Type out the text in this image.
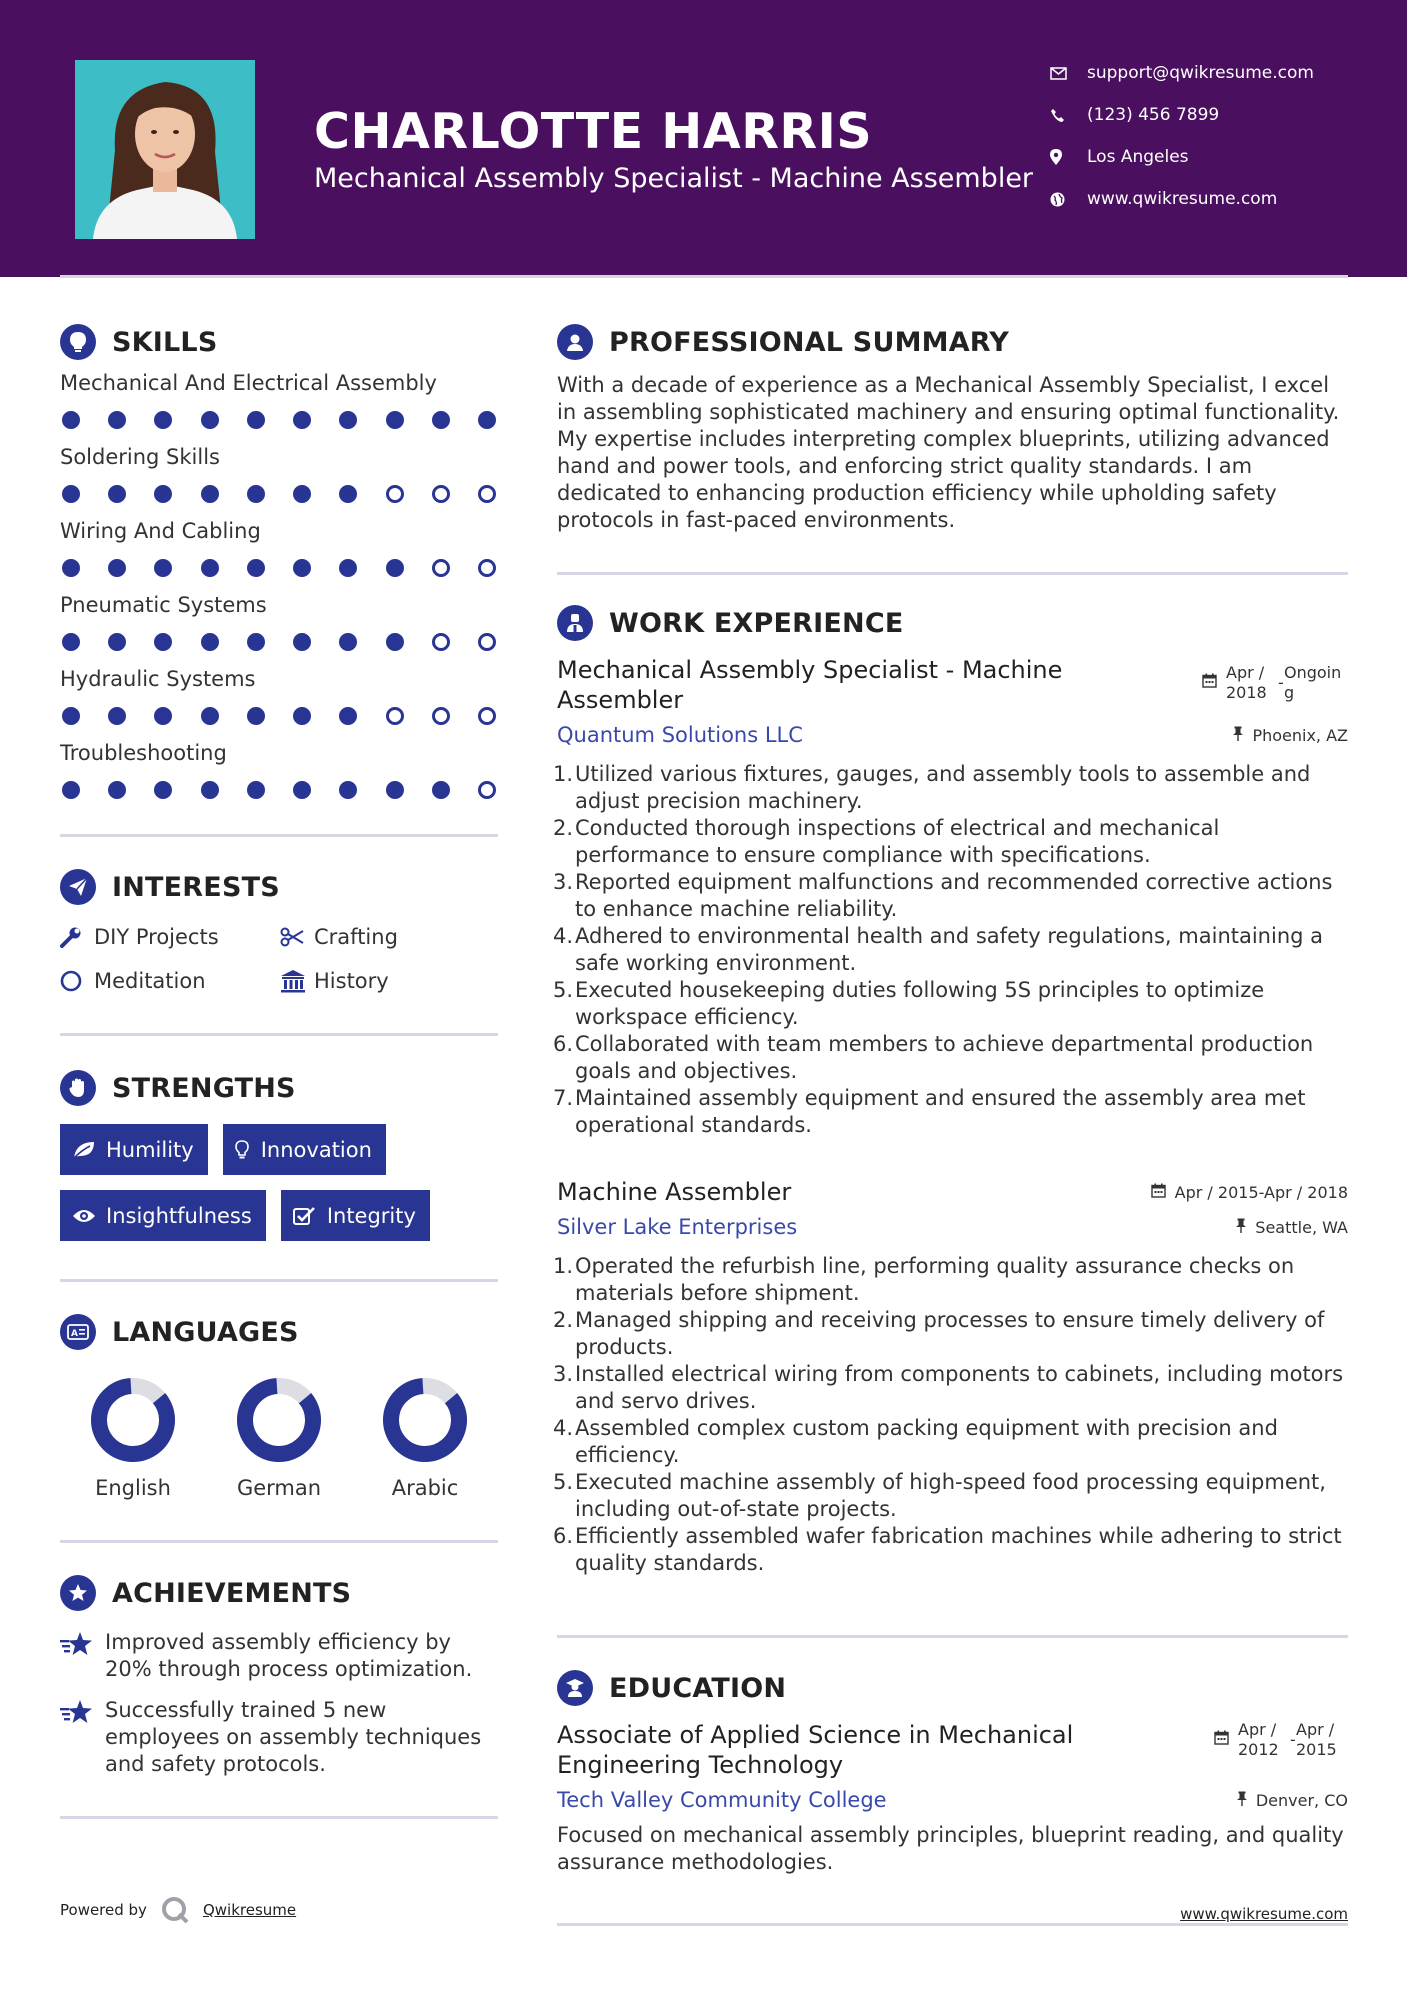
CHARLOTTE HARRIS
Mechanical Assembly Specialist - Machine Assembler
support@qwikresume.com
(123) 456 7899
Los Angeles
www.qwikresume.com
SKILLS
Mechanical And Electrical Assembly
Soldering Skills
Wiring And Cabling
Pneumatic Systems
Hydraulic Systems
Troubleshooting
INTERESTS
DIY Projects	Crafting
Meditation	History
STRENGTHS
Humility	Innovation
Insightfulness	Integrity
A LANGUAGES
English	German	Arabic
ACHIEVEMENTS
Improved assembly efficiency by 20% through process optimization.
Successfully trained 5 new employees on assembly techniques and safety protocols.
PROFESSIONAL SUMMARY

With a decade of experience as a Mechanical Assembly Specialist, I excel in assembling sophisticated machinery and ensuring optimal functionality. My expertise includes interpreting complex blueprints, utilizing advanced hand and power tools, and enforcing strict quality standards. I am dedicated to enhancing production efficiency while upholding safety protocols in fast-paced environments.

WORK EXPERIENCE
Mechanical Assembly Specialist - Machine Assembler
Apr / 2018
-
Ongoing
Quantum Solutions LLC	Phoenix, AZ
Utilized various fixtures, gauges, and assembly tools to assemble and adjust precision machinery.
Conducted thorough inspections of electrical and mechanical performance to ensure compliance with specifications.
Reported equipment malfunctions and recommended corrective actions to enhance machine reliability.
Adhered to environmental health and safety regulations, maintaining a safe working environment.
Executed housekeeping duties following 5S principles to optimize workspace efficiency.
Collaborated with team members to achieve departmental production goals and objectives.
Maintained assembly equipment and ensured the assembly area met operational standards.
Machine Assembler	Apr / 2015-Apr / 2018
Silver Lake Enterprises	Seattle, WA
Operated the refurbish line, performing quality assurance checks on materials before shipment.
Managed shipping and receiving processes to ensure timely delivery of products.
Installed electrical wiring from components to cabinets, including motors and servo drives.
Assembled complex custom packing equipment with precision and efficiency.
Executed machine assembly of high-speed food processing equipment, including out-of-state projects.
Efficiently assembled wafer fabrication machines while adhering to strict quality standards.
EDUCATION
Associate of Applied Science in Mechanical Engineering Technology
Apr / 2012
-
Apr / 2015
Tech Valley Community College	Denver, CO

Focused on mechanical assembly principles, blueprint reading, and quality assurance methodologies.

Powered by	Qwikresume	www.qwikresume.com
